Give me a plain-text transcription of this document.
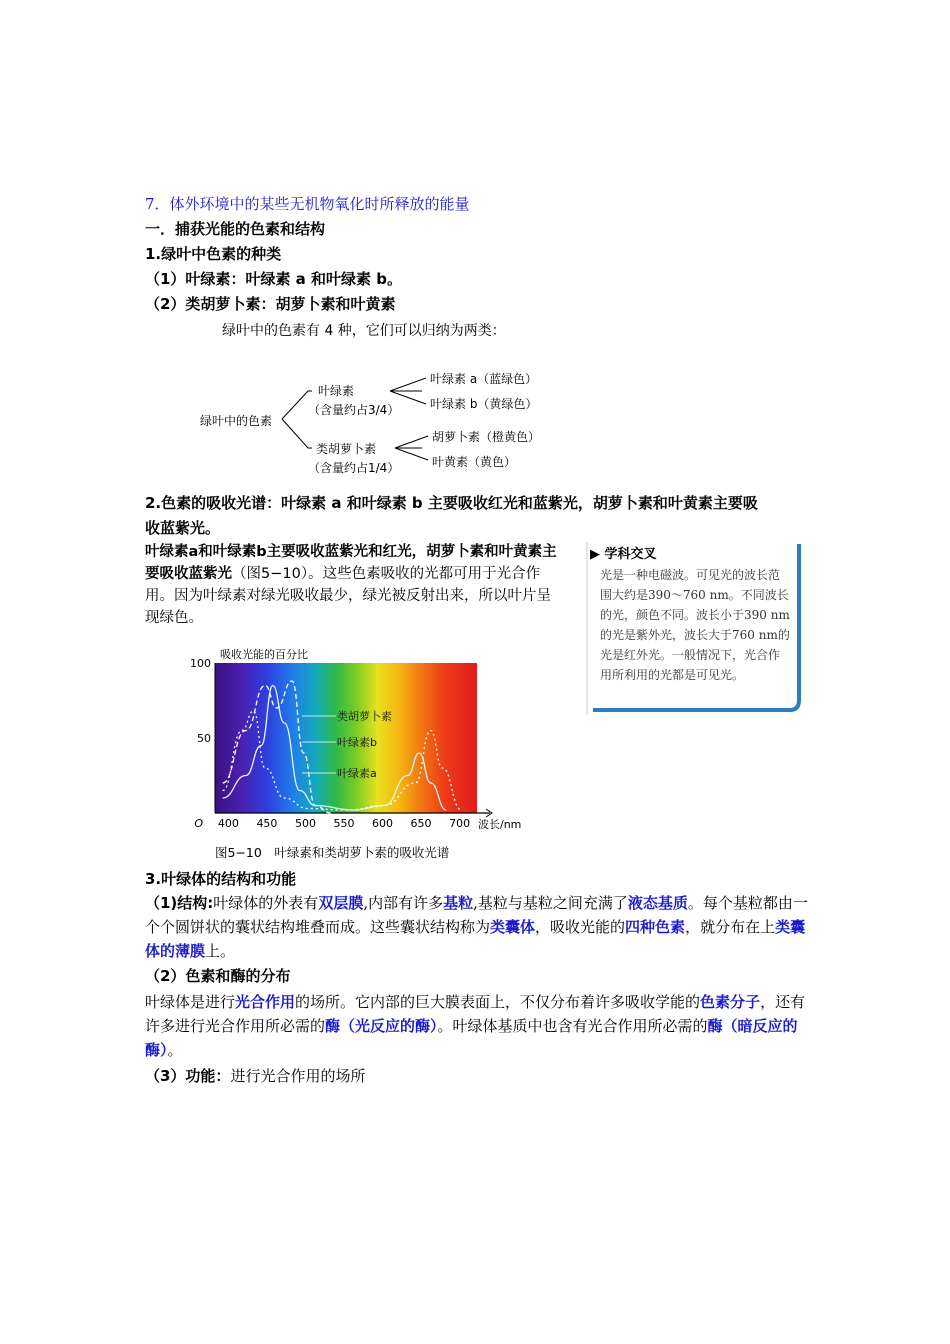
7．体外环境中的某些无机物氧化时所释放的能量
一．捕获光能的色素和结构
1.绿叶中色素的种类
（1）叶绿素：叶绿素 a 和叶绿素 b。
（2）类胡萝卜素：胡萝卜素和叶黄素
绿叶中的色素有 4 种，它们可以归纳为两类：
绿叶中的色素
叶绿素
（含量约占3/4）
类胡萝卜素
（含量约占1/4）
叶绿素 a（蓝绿色）
叶绿素 b（黄绿色）
胡萝卜素（橙黄色）
叶黄素（黄色）
2.色素的吸收光谱：叶绿素 a 和叶绿素 b 主要吸收红光和蓝紫光，胡萝卜素和叶黄素主要吸
收蓝紫光。
叶绿素a和叶绿素b主要吸收蓝紫光和红光，胡萝卜素和叶黄素主要吸收蓝紫光（图5−10）。这些色素吸收的光都可用于光合作用。因为叶绿素对绿光吸收最少，绿光被反射出来，所以叶片呈现绿色。
▶ 学科交叉
光是一种电磁波。可见光的波长范围大约是390～760 nm。不同波长的光，颜色不同。波长小于390 nm的光是紫外光，波长大于760 nm的光是红外光。一般情况下，光合作用所利用的光都是可见光。
100
50
O 400 450 500 550 600 650 700
类胡萝卜素
叶绿素b
叶绿素a
吸收光能的百分比
波长/nm
图5−10　叶绿素和类胡萝卜素的吸收光谱
3.叶绿体的结构和功能
（1)结构:叶绿体的外表有双层膜,内部有许多基粒,基粒与基粒之间充满了液态基质。每个基粒都由一个个圆饼状的囊状结构堆叠而成。这些囊状结构称为类囊体，吸收光能的四种色素，就分布在上类囊体的薄膜上。
（2）色素和酶的分布
叶绿体是进行光合作用的场所。它内部的巨大膜表面上，不仅分布着许多吸收学能的色素分子，还有许多进行光合作用所必需的酶（光反应的酶）。叶绿体基质中也含有光合作用所必需的酶（暗反应的酶）。
（3）功能：进行光合作用的场所
